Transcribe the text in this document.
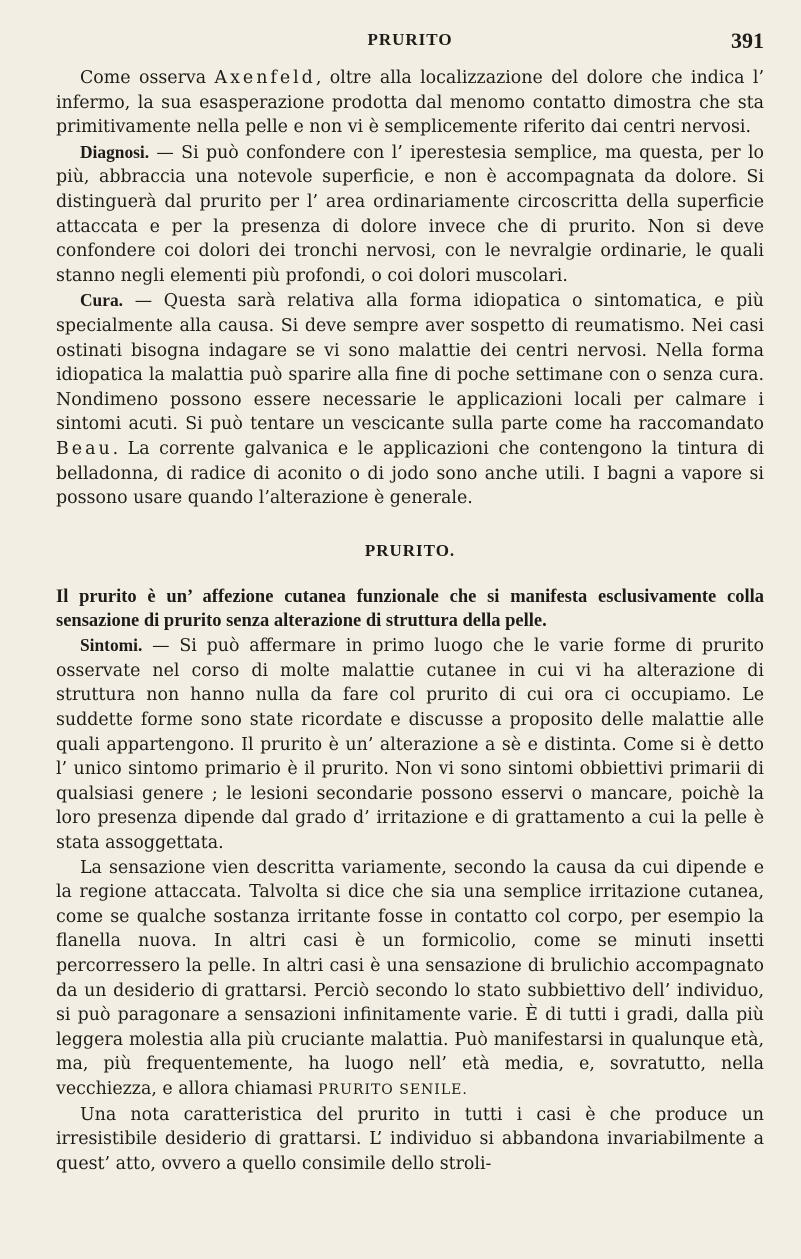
PRURITO	391

Come osserva Axenfeld, oltre alla localizzazione del dolore che indica l’ infermo, la sua esasperazione prodotta dal menomo contatto dimostra che sta primitivamente nella pelle e non vi è semplicemente riferito dai centri nervosi.

Diagnosi. — Si può confondere con l’ iperestesia semplice, ma questa, per lo più, abbraccia una notevole superficie, e non è accompagnata da dolore. Si distinguerà dal prurito per l’ area ordinariamente circoscritta della superficie attaccata e per la presenza di dolore invece che di prurito. Non si deve confondere coi dolori dei tronchi nervosi, con le nevralgie ordinarie, le quali stanno negli elementi più profondi, o coi dolori muscolari.

Cura. — Questa sarà relativa alla forma idiopatica o sintomatica, e più specialmente alla causa. Si deve sempre aver sospetto di reumatismo. Nei casi ostinati bisogna indagare se vi sono malattie dei centri nervosi. Nella forma idiopatica la malattia può sparire alla fine di poche settimane con o senza cura. Nondimeno possono essere necessarie le applicazioni locali per calmare i sintomi acuti. Si può tentare un vescicante sulla parte come ha raccomandato Beau. La corrente galvanica e le applicazioni che contengono la tintura di belladonna, di radice di aconito o di jodo sono anche utili. I bagni a vapore si possono usare quando l’alterazione è generale.

PRURITO.

Il prurito è un’ affezione cutanea funzionale che si manifesta esclusivamente colla sensazione di prurito senza alterazione di struttura della pelle.

Sintomi. — Si può affermare in primo luogo che le varie forme di prurito osservate nel corso di molte malattie cutanee in cui vi ha alterazione di struttura non hanno nulla da fare col prurito di cui ora ci occupiamo. Le suddette forme sono state ricordate e discusse a proposito delle malattie alle quali appartengono. Il prurito è un’ alterazione a sè e distinta. Come si è detto l’ unico sintomo primario è il prurito. Non vi sono sintomi obbiettivi primarii di qualsiasi genere ; le lesioni secondarie possono esservi o mancare, poichè la loro presenza dipende dal grado d’ irritazione e di grattamento a cui la pelle è stata assoggettata.

La sensazione vien descritta variamente, secondo la causa da cui dipende e la regione attaccata. Talvolta si dice che sia una semplice irritazione cutanea, come se qualche sostanza irritante fosse in contatto col corpo, per esempio la flanella nuova. In altri casi è un formicolio, come se minuti insetti percorressero la pelle. In altri casi è una sensazione di brulichio accompagnato da un desiderio di grattarsi. Perciò secondo lo stato subbiettivo dell’ individuo, si può paragonare a sensazioni infinitamente varie. È di tutti i gradi, dalla più leggera molestia alla più cruciante malattia. Può manifestarsi in qualunque età, ma, più frequentemente, ha luogo nell’ età media, e, sovratutto, nella vecchiezza, e allora chiamasi PRURITO SENILE.

Una nota caratteristica del prurito in tutti i casi è che produce un irresistibile desiderio di grattarsi. L’ individuo si abbandona invariabilmente a quest’ atto, ovvero a quello consimile dello stroli-
